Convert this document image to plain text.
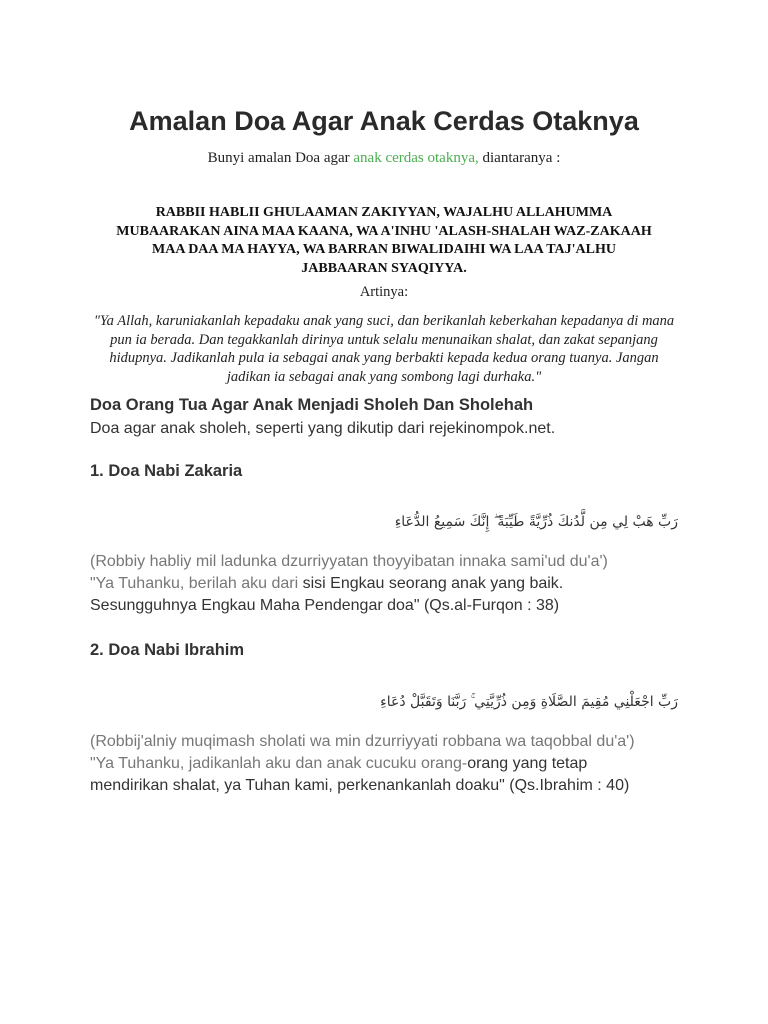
Amalan Doa Agar Anak Cerdas Otaknya
Bunyi amalan Doa agar anak cerdas otaknya, diantaranya :
RABBII HABLII GHULAAMAN ZAKIYYAN, WAJALHU ALLAHUMMA MUBAARAKAN AINA MAA KAANA, WA A'INHU 'ALASH-SHALAH WAZ-ZAKAAH MAA DAA MA HAYYA, WA BARRAN BIWALIDAIHI WA LAA TAJ'ALHU JABBAARAN SYAQIYYA.
Artinya:
"Ya Allah, karuniakanlah kepadaku anak yang suci, dan berikanlah keberkahan kepadanya di mana pun ia berada. Dan tegakkanlah dirinya untuk selalu menunaikan shalat, dan zakat sepanjang hidupnya. Jadikanlah pula ia sebagai anak yang berbakti kepada kedua orang tuanya. Jangan jadikan ia sebagai anak yang sombong lagi durhaka."
Doa Orang Tua Agar Anak Menjadi Sholeh Dan Sholehah
Doa agar anak sholeh, seperti yang dikutip dari rejekinompok.net.
1. Doa Nabi Zakaria
رَبِّ هَبْ لِي مِن لَّدُنكَ ذُرِّيَّةً طَيِّبَةً ۖ إِنَّكَ سَمِيعُ الدُّعَاءِ
(Robbiy habliy mil ladunka dzurriyyatan thoyyibatan innaka sami'ud du'a')
"Ya Tuhanku, berilah aku dari sisi Engkau seorang anak yang baik. Sesungguhnya Engkau Maha Pendengar doa" (Qs.al-Furqon : 38)
2. Doa Nabi Ibrahim
رَبِّ اجْعَلْنِي مُقِيمَ الصَّلَاةِ وَمِن ذُرِّيَّتِي ۚ رَبَّنَا وَتَقَبَّلْ دُعَاءِ
(Robbij'alniy muqimash sholati wa min dzurriyyati robbana wa taqobbal du'a')
"Ya Tuhanku, jadikanlah aku dan anak cucuku orang-orang yang tetap mendirikan shalat, ya Tuhan kami, perkenankanlah doaku" (Qs.Ibrahim : 40)
